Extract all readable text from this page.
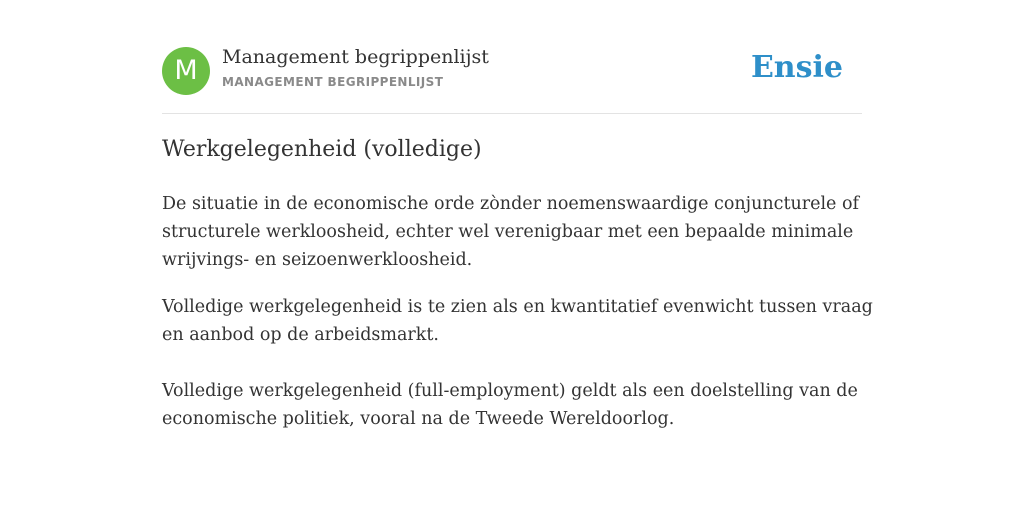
M	Management begrippenlijst
MANAGEMENT BEGRIPPENLIJST	Ensie
Werkgelegenheid (volledige)

De situatie in de economische orde zònder noemenswaardige conjuncturele of

structurele werkloosheid, echter wel verenigbaar met een bepaalde minimale

wrijvings- en seizoenwerkloosheid.

Volledige werkgelegenheid is te zien als en kwantitatief evenwicht tussen vraag

en aanbod op de arbeidsmarkt.

Volledige werkgelegenheid (full-employment) geldt als een doelstelling van de

economische politiek, vooral na de Tweede Wereldoorlog.
